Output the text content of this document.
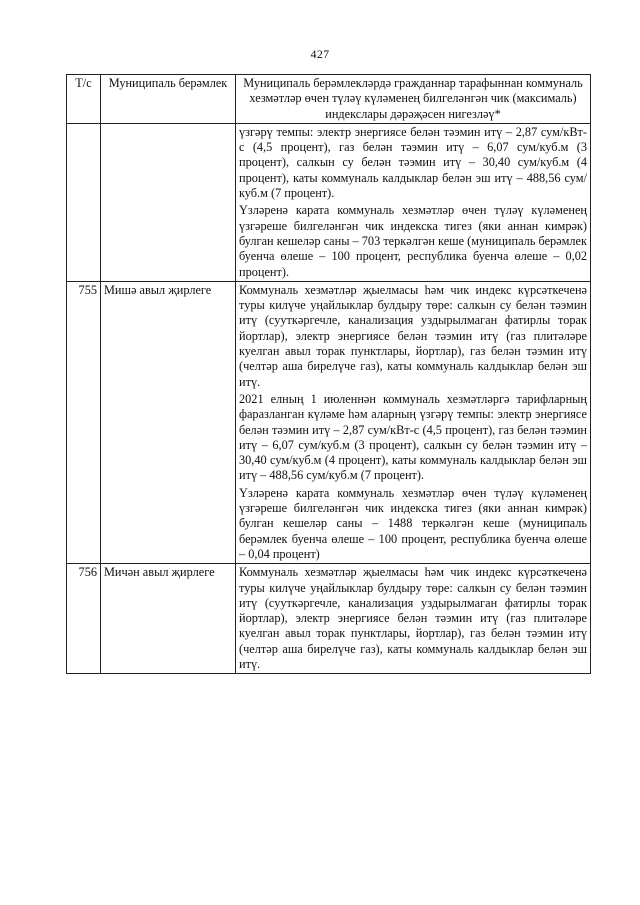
427
Т/с	Муниципаль берәмлек	Муниципаль берәмлекләрдә гражданнар тарафыннан коммуналь хезмәтләр өчен түләү күләменең билгеләнгән чик (максималь) индекслары дәрәҗәсен нигезләү*

		үзгәрү темпы: электр энергиясе белән тәэмин итү – 2,87 сум/кВт-с (4,5 процент), газ белән тәэмин итү – 6,07 сум/куб.м (3 процент), салкын су белән тәэмин итү – 30,40 сум/куб.м (4 процент), каты коммуналь калдыклар белән эш итү – 488,56 сум/куб.м (7 процент).

Үзләренә карата коммуналь хезмәтләр өчен түләү күләменең үзгәреше билгеләнгән чик индекска тигез (яки аннан кимрәк) булган кешеләр саны – 703 теркәлгән кеше (муниципаль берәмлек буенча өлеше – 100 процент, республика буенча өлеше – 0,02 процент).

755	Мишә авыл җирлеге	Коммуналь хезмәтләр җыелмасы һәм чик индекс күрсәткеченә туры килүче уңайлыклар булдыру төре: салкын су белән тәэмин итү (сууткәргечле, канализация уздырылмаган фатирлы торак йортлар), электр энергиясе белән тәэмин итү (газ плитәләре куелган авыл торак пунктлары, йортлар), газ белән тәэмин итү (челтәр аша бирелүче газ), каты коммуналь калдыклар белән эш итү.

2021 елның 1 июленнән коммуналь хезмәтләргә тарифларның фаразланган күләме һәм аларның үзгәрү темпы: электр энергиясе белән тәэмин итү – 2,87 сум/кВт-с (4,5 процент), газ белән тәэмин итү – 6,07 сум/куб.м (3 процент), салкын су белән тәэмин итү – 30,40 сум/куб.м (4 процент), каты коммуналь калдыклар белән эш итү – 488,56 сум/куб.м (7 процент).

Үзләренә карата коммуналь хезмәтләр өчен түләү күләменең үзгәреше билгеләнгән чик индекска тигез (яки аннан кимрәк) булган кешеләр саны – 1488 теркәлгән кеше (муниципаль берәмлек буенча өлеше – 100 процент, республика буенча өлеше – 0,04 процент)

756	Мичән авыл җирлеге	Коммуналь хезмәтләр җыелмасы һәм чик индекс күрсәткеченә туры килүче уңайлыклар булдыру төре: салкын су белән тәэмин итү (сууткәргечле, канализация уздырылмаган фатирлы торак йортлар), электр энергиясе белән тәэмин итү (газ плитәләре куелган авыл торак пунктлары, йортлар), газ белән тәэмин итү (челтәр аша бирелүче газ), каты коммуналь калдыклар белән эш итү.
